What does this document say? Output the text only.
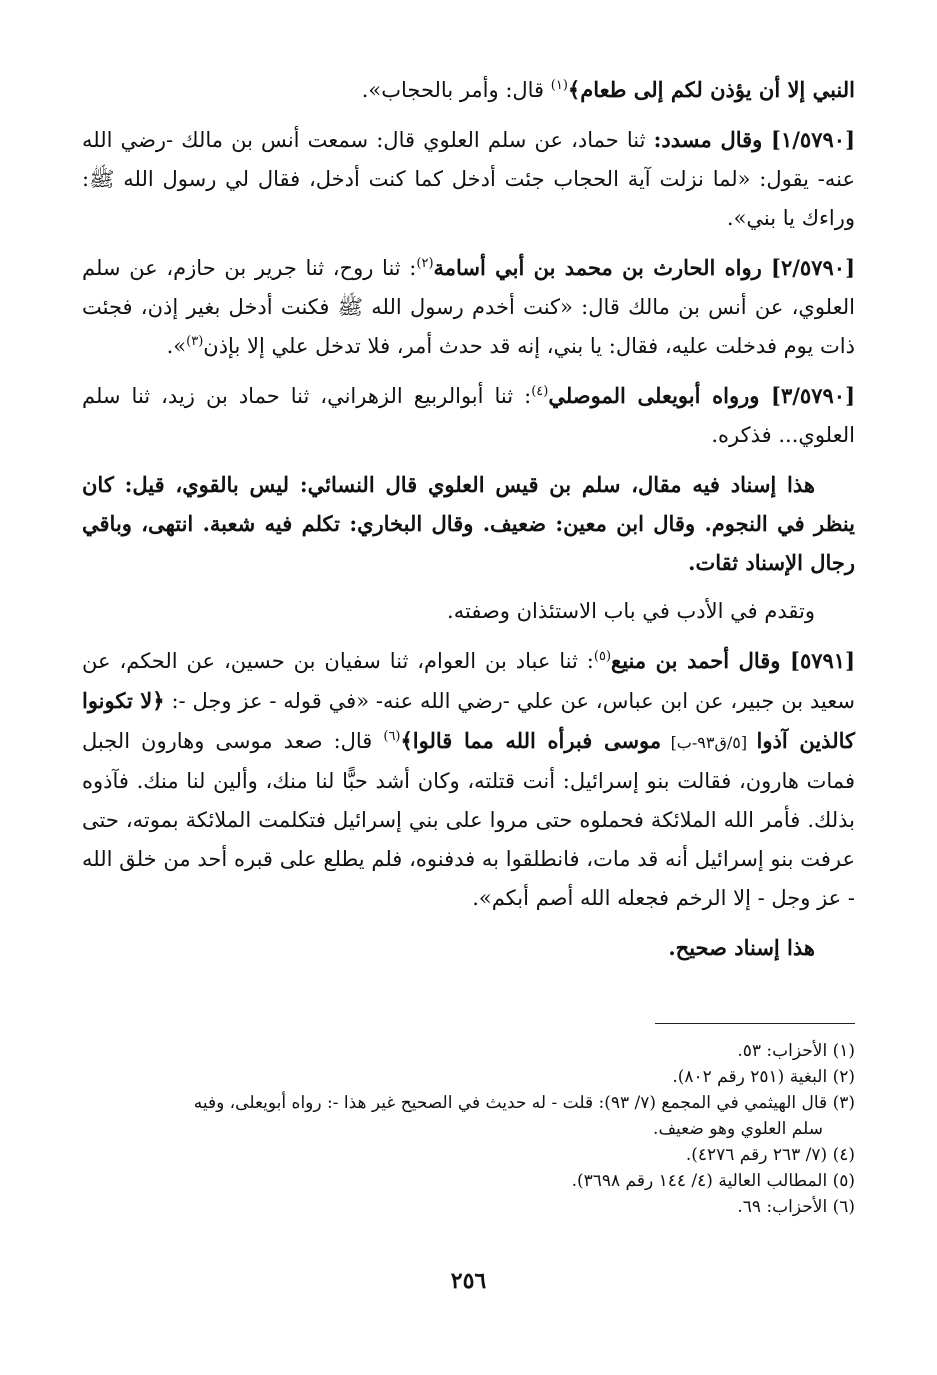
النبي إلا أن يؤذن لكم إلى طعام﴾$^{(١)}$ قال: وأمر بالحجاب».

[١/٥٧٩٠] وقال مسدد: ثنا حماد، عن سلم العلوي قال: سمعت أنس بن مالك -رضي الله عنه- يقول: «لما نزلت آية الحجاب جئت أدخل كما كنت أدخل، فقال لي رسول الله ﷺ: وراءك يا بني».

[٢/٥٧٩٠] رواه الحارث بن محمد بن أبي أسامة$^{(٢)}$: ثنا روح، ثنا جرير بن حازم، عن سلم العلوي، عن أنس بن مالك قال: «كنت أخدم رسول الله ﷺ فكنت أدخل بغير إذن، فجئت ذات يوم فدخلت عليه، فقال: يا بني، إنه قد حدث أمر، فلا تدخل علي إلا بإذن$^{(٣)}$».

[٣/٥٧٩٠] ورواه أبويعلى الموصلي$^{(٤)}$: ثنا أبوالربيع الزهراني، ثنا حماد بن زيد، ثنا سلم العلوي... فذكره.

هذا إسناد فيه مقال، سلم بن قيس العلوي قال النسائي: ليس بالقوي، قيل: كان ينظر في النجوم. وقال ابن معين: ضعيف. وقال البخاري: تكلم فيه شعبة. انتهى، وباقي رجال الإسناد ثقات.

وتقدم في الأدب في باب الاستئذان وصفته.

[٥٧٩١] وقال أحمد بن منيع$^{(٥)}$: ثنا عباد بن العوام، ثنا سفيان بن حسين، عن الحكم، عن سعيد بن جبير، عن ابن عباس، عن علي -رضي الله عنه- «في قوله - عز وجل -: ﴿لا تكونوا كالذين آذوا [٥/ق٩٣-ب] موسى فبرأه الله مما قالوا﴾$^{(٦)}$ قال: صعد موسى وهارون الجبل فمات هارون، فقالت بنو إسرائيل: أنت قتلته، وكان أشد حبًّا لنا منك، وألين لنا منك. فآذوه بذلك. فأمر الله الملائكة فحملوه حتى مروا على بني إسرائيل فتكلمت الملائكة بموته، حتى عرفت بنو إسرائيل أنه قد مات، فانطلقوا به فدفنوه، فلم يطلع على قبره أحد من خلق الله - عز وجل - إلا الرخم فجعله الله أصم أبكم».

هذا إسناد صحيح.

(١) الأحزاب: ٥٣.

(٢) البغية (٢٥١ رقم ٨٠٢).

(٣) قال الهيثمي في المجمع (٧/ ٩٣): قلت - له حديث في الصحيح غير هذا -: رواه أبويعلى، وفيه

سلم العلوي وهو ضعيف.

(٤) (٧/ ٢٦٣ رقم ٤٢٧٦).

(٥) المطالب العالية (٤/ ١٤٤ رقم ٣٦٩٨).

(٦) الأحزاب: ٦٩.

٢٥٦
